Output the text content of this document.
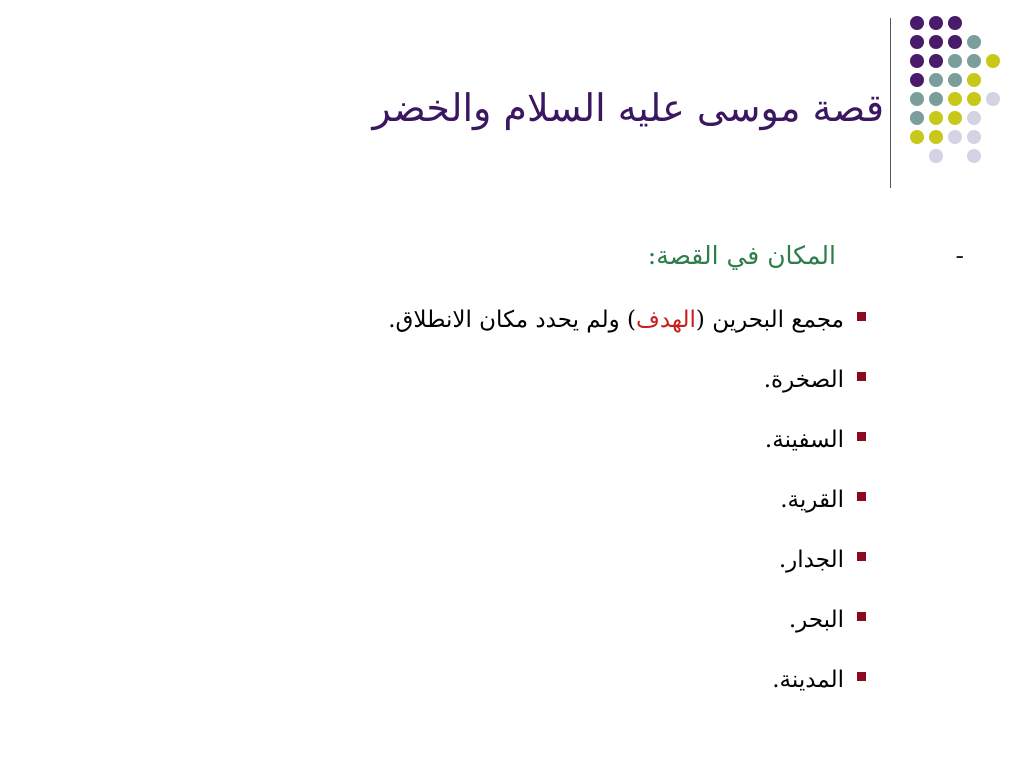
قصة موسى عليه السلام والخضر
-
المكان في القصة:
مجمع البحرين (الهدف) ولم يحدد مكان الانطلاق.
الصخرة.
السفينة.
القرية.
الجدار.
البحر.
المدينة.
